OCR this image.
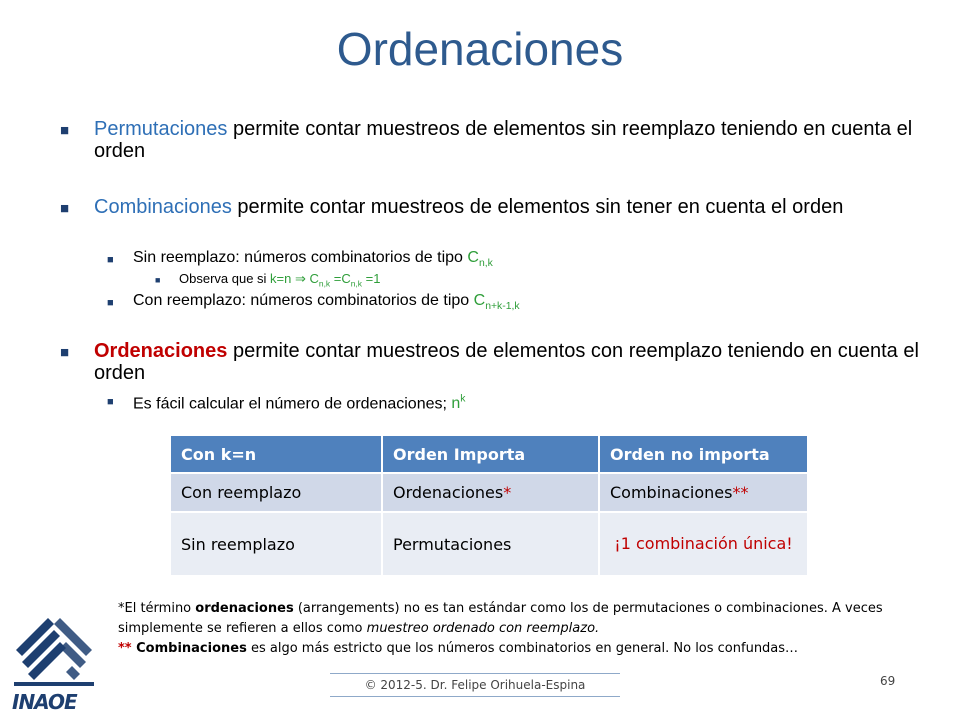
Ordenaciones
■ Permutaciones permite contar muestreos de elementos sin reemplazo teniendo en cuenta el orden
■ Combinaciones permite contar muestreos de elementos sin tener en cuenta el orden
■ Sin reemplazo: números combinatorios de tipo $C_{n,k}$
■ Observa que si k=n ⇒ $C_{n,k} =C_{n,k} =1$
■ Con reemplazo: números combinatorios de tipo $C_{n+k-1,k}$
■ Ordenaciones permite contar muestreos de elementos con reemplazo teniendo en cuenta el orden
■ Es fácil calcular el número de ordenaciones; $n^k$
Con k=n	Orden Importa	Orden no importa
Con reemplazo	Ordenaciones*	Combinaciones**
Sin reemplazo	Permutaciones	¡1 combinación única!
*El término ordenaciones (arrangements) no es tan estándar como los de permutaciones o combinaciones. A veces simplemente se refieren a ellos como muestreo ordenado con reemplazo.
** Combinaciones es algo más estricto que los números combinatorios en general. No los confundas…
INAOE
© 2012-5. Dr. Felipe Orihuela-Espina	69
